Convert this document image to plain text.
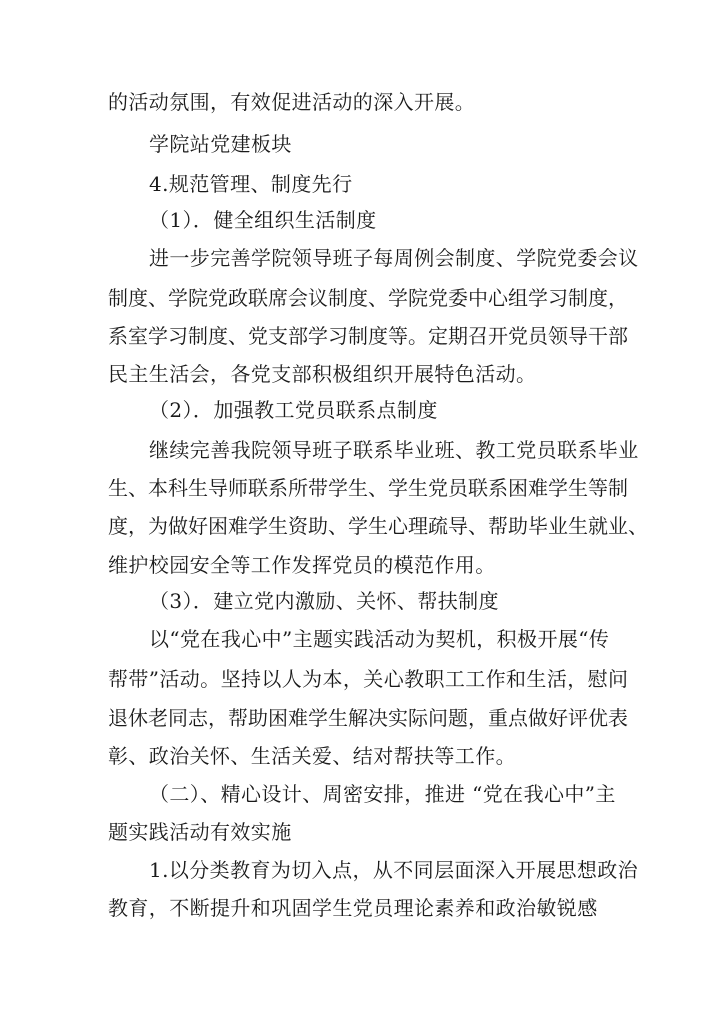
的活动氛围，有效促进活动的深入开展。
学院站党建板块
4.规范管理、制度先行
（1）．健全组织生活制度
进一步完善学院领导班子每周例会制度、学院党委会议
制度、学院党政联席会议制度、学院党委中心组学习制度，
系室学习制度、党支部学习制度等。定期召开党员领导干部
民主生活会，各党支部积极组织开展特色活动。
（2）．加强教工党员联系点制度
继续完善我院领导班子联系毕业班、教工党员联系毕业
生、本科生导师联系所带学生、学生党员联系困难学生等制
度，为做好困难学生资助、学生心理疏导、帮助毕业生就业、
维护校园安全等工作发挥党员的模范作用。
（3）．建立党内激励、关怀、帮扶制度
以“党在我心中”主题实践活动为契机，积极开展“传
帮带”活动。坚持以人为本，关心教职工工作和生活，慰问
退休老同志，帮助困难学生解决实际问题，重点做好评优表
彰、政治关怀、生活关爱、结对帮扶等工作。
（二）、精心设计、周密安排，推进 “党在我心中”主
题实践活动有效实施
1.以分类教育为切入点，从不同层面深入开展思想政治
教育，不断提升和巩固学生党员理论素养和政治敏锐感
